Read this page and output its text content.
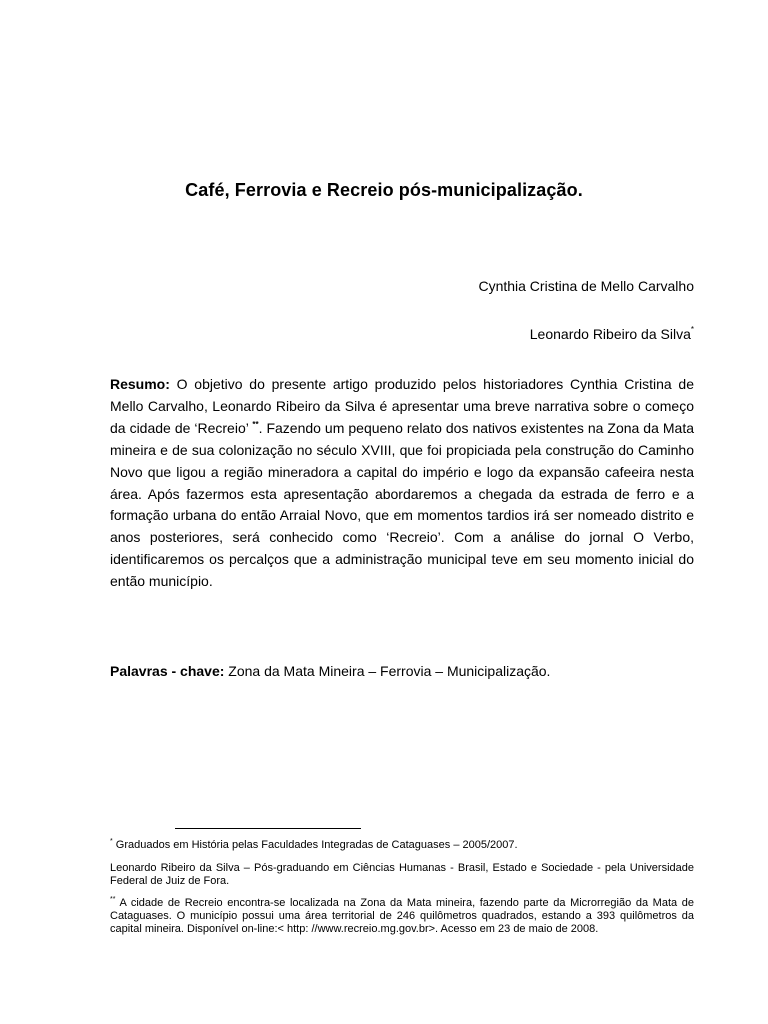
Café, Ferrovia e Recreio pós-municipalização.
Cynthia Cristina de Mello Carvalho
Leonardo Ribeiro da Silva*
Resumo: O objetivo do presente artigo produzido pelos historiadores Cynthia Cristina de Mello Carvalho, Leonardo Ribeiro da Silva é apresentar uma breve narrativa sobre o começo da cidade de ‘Recreio’ **. Fazendo um pequeno relato dos nativos existentes na Zona da Mata mineira e de sua colonização no século XVIII, que foi propiciada pela construção do Caminho Novo que ligou a região mineradora a capital do império e logo da expansão cafeeira nesta área. Após fazermos esta apresentação abordaremos a chegada da estrada de ferro e a formação urbana do então Arraial Novo, que em momentos tardios irá ser nomeado distrito e anos posteriores, será conhecido como ‘Recreio’. Com a análise do jornal O Verbo, identificaremos os percalços que a administração municipal teve em seu momento inicial do então município.
Palavras - chave: Zona da Mata Mineira – Ferrovia – Municipalização.
* Graduados em História pelas Faculdades Integradas de Cataguases – 2005/2007.
Leonardo Ribeiro da Silva – Pós-graduando em Ciências Humanas - Brasil, Estado e Sociedade - pela Universidade Federal de Juiz de Fora.
** A cidade de Recreio encontra-se localizada na Zona da Mata mineira, fazendo parte da Microrregião da Mata de Cataguases. O município possui uma área territorial de 246 quilômetros quadrados, estando a 393 quilômetros da capital mineira. Disponível on-line:< http: //www.recreio.mg.gov.br>. Acesso em 23 de maio de 2008.
